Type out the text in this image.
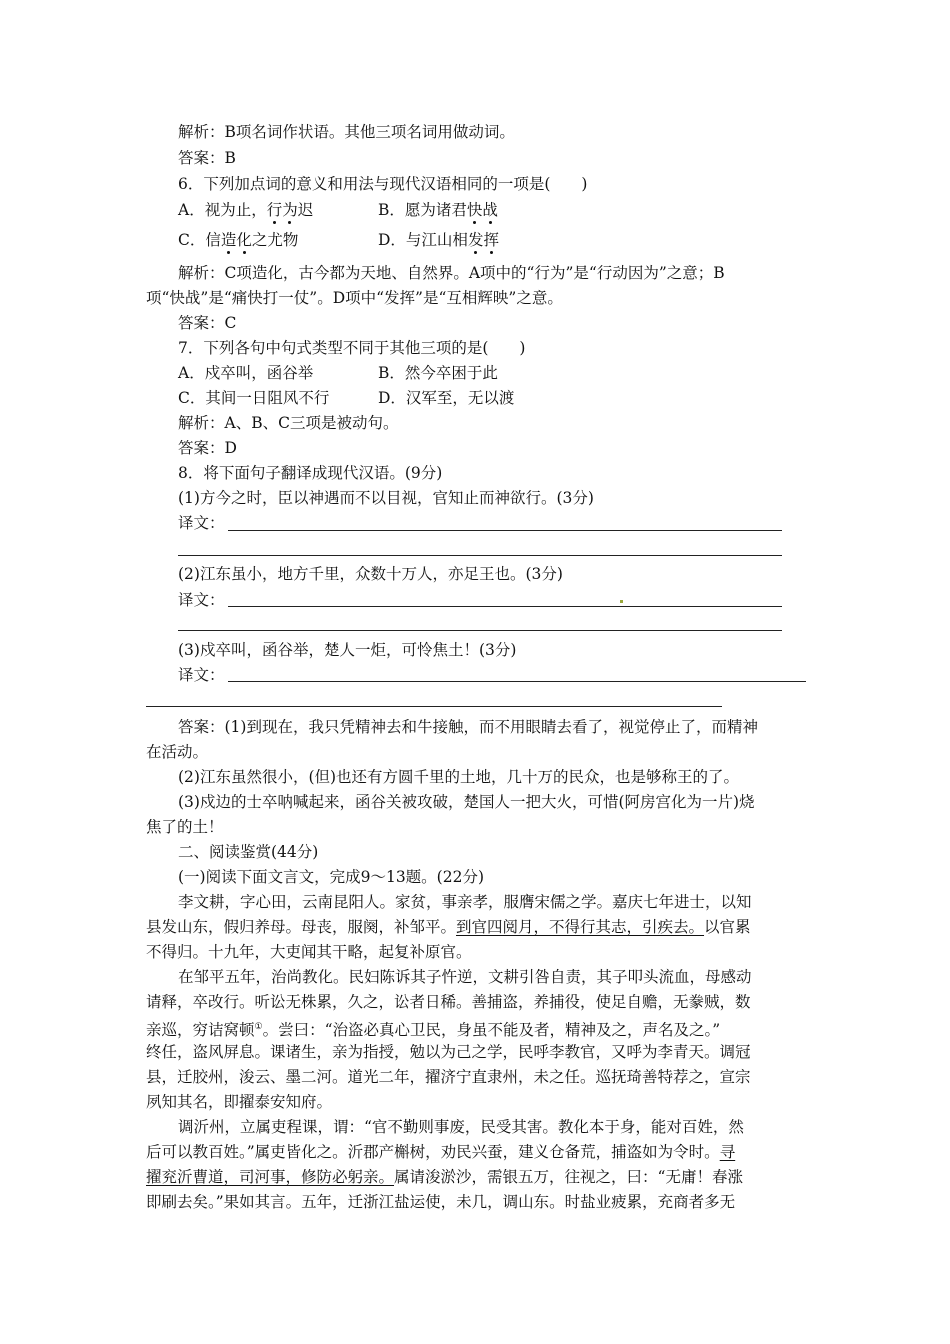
解析：B项名词作状语。其他三项名词用做动词。
答案：B
6．下列加点词的意义和用法与现代汉语相同的一项是(　　)
A．视为止，行为迟	B．愿为诸君快战
C．信造化之尤物	D．与江山相发挥
解析：C项造化，古今都为天地、自然界。A项中的“行为”是“行动因为”之意；B
项“快战”是“痛快打一仗”。D项中“发挥”是“互相辉映”之意。
答案：C
7．下列各句中句式类型不同于其他三项的是(　　)
A．戍卒叫，函谷举	B．然今卒困于此
C．其间一日阻风不行	D．汉军至，无以渡
解析：A、B、C三项是被动句。
答案：D
8．将下面句子翻译成现代汉语。(9分)
(1)方今之时，臣以神遇而不以目视，官知止而神欲行。(3分)
译文：
(2)江东虽小，地方千里，众数十万人，亦足王也。(3分)
译文：
(3)戍卒叫，函谷举，楚人一炬，可怜焦土！(3分)
译文：
答案：(1)到现在，我只凭精神去和牛接触，而不用眼睛去看了，视觉停止了，而精神
在活动。
(2)江东虽然很小，(但)也还有方圆千里的土地，几十万的民众，也是够称王的了。
(3)戍边的士卒呐喊起来，函谷关被攻破，楚国人一把大火，可惜(阿房宫化为一片)烧
焦了的土！
二、阅读鉴赏(44分)
(一)阅读下面文言文，完成9～13题。(22分)
李文耕，字心田，云南昆阳人。家贫，事亲孝，服膺宋儒之学。嘉庆七年进士，以知
县发山东，假归养母。母丧，服阕，补邹平。到官四阅月，不得行其志，引疾去。以官累
不得归。十九年，大吏闻其干略，起复补原官。
在邹平五年，治尚教化。民妇陈诉其子忤逆，文耕引咎自责，其子叩头流血，母感动
请释，卒改行。听讼无株累，久之，讼者日稀。善捕盗，养捕役，使足自赡，无豢贼，数
亲巡，穷诘窝顿①。尝曰：“治盗必真心卫民，身虽不能及者，精神及之，声名及之。”
终任，盗风屏息。课诸生，亲为指授，勉以为己之学，民呼李教官，又呼为李青天。调冠
县，迁胶州，浚云、墨二河。道光二年，擢济宁直隶州，未之任。巡抚琦善特荐之，宣宗
夙知其名，即擢泰安知府。
调沂州，立属吏程课，谓：“官不勤则事废，民受其害。教化本于身，能对百姓，然
后可以教百姓。”属吏皆化之。沂郡产槲树，劝民兴蚕，建义仓备荒，捕盗如为令时。寻
擢兖沂曹道，司河事，修防必躬亲。属请浚淤沙，需银五万，往视之，曰：“无庸！春涨
即刷去矣。”果如其言。五年，迁浙江盐运使，未几，调山东。时盐业疲累，充商者多无
